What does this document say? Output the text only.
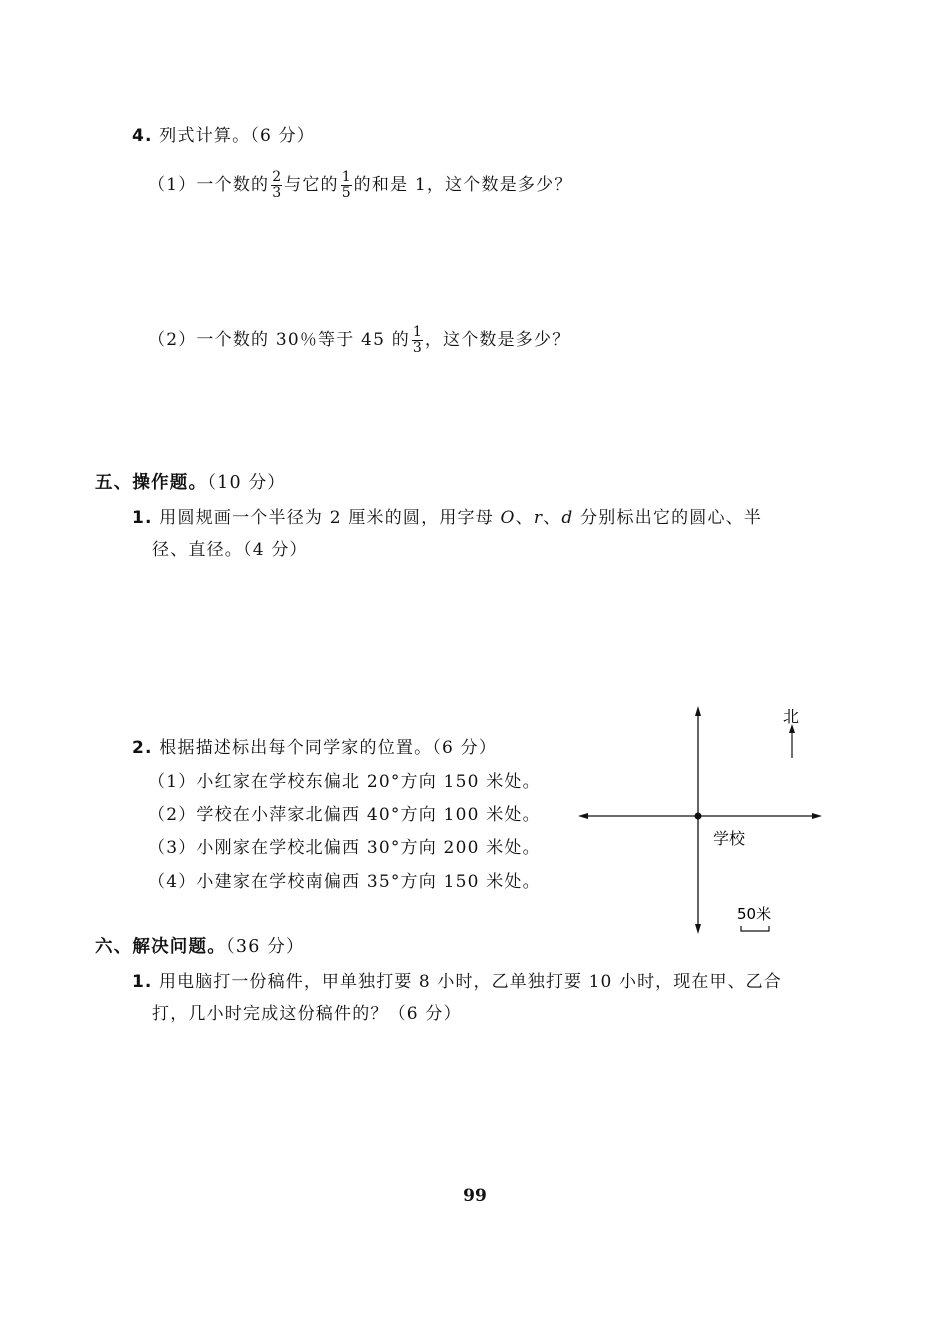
4. 列式计算。（6 分）
（1）一个数的 $\frac{2}{3}$ 与它的 $\frac{1}{5}$ 的和是 1，这个数是多少？
（2）一个数的 30％等于 45 的 $\frac{1}{3}$ ，这个数是多少？
五、操作题。（10 分）
1. 用圆规画一个半径为 2 厘米的圆，用字母 O、r、d 分别标出它的圆心、半
径、直径。（4 分）
2. 根据描述标出每个同学家的位置。（6 分）
（1）小红家在学校东偏北 20°方向 150 米处。
（2）学校在小萍家北偏西 40°方向 100 米处。
（3）小刚家在学校北偏西 30°方向 200 米处。
（4）小建家在学校南偏西 35°方向 150 米处。
北
学校
50米
六、解决问题。（36 分）
1. 用电脑打一份稿件，甲单独打要 8 小时，乙单独打要 10 小时，现在甲、乙合
打，几小时完成这份稿件的？（6 分）
99
